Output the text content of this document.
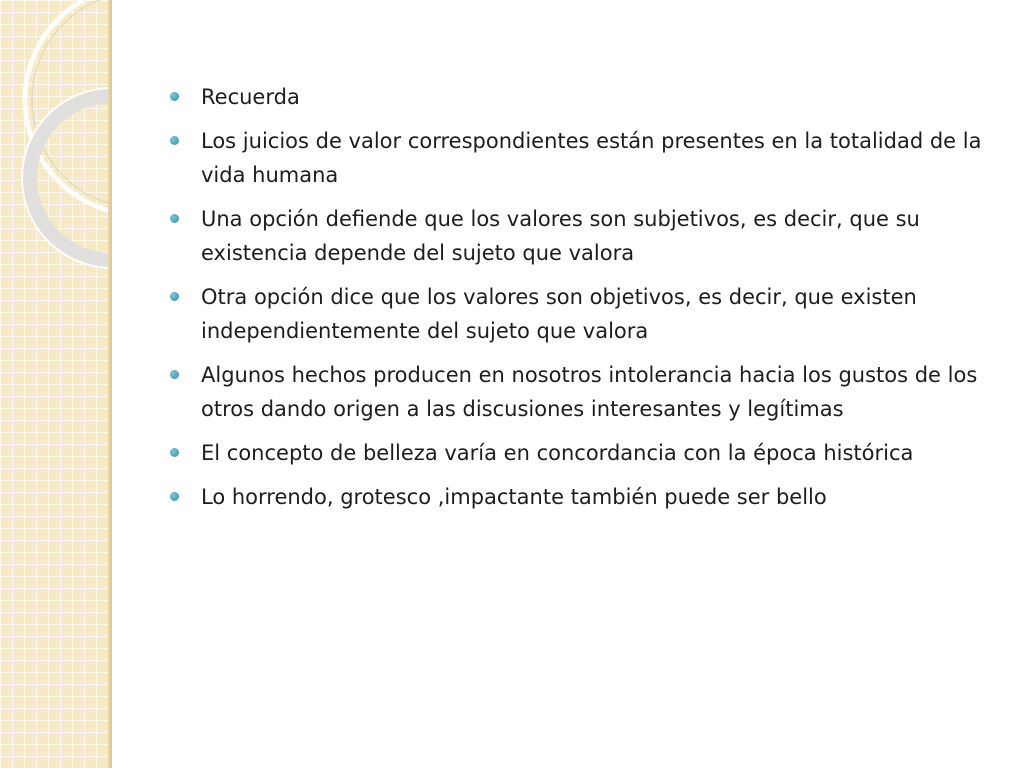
Recuerda
Los juicios de valor correspondientes están presentes en la totalidad de la vida humana
Una opción defiende que los valores son subjetivos, es decir, que su existencia depende del sujeto que valora
Otra opción dice que los valores son objetivos, es decir, que existen independientemente del sujeto que valora
Algunos hechos producen en nosotros intolerancia hacia los gustos de los otros dando origen a las discusiones interesantes y legítimas
El concepto de belleza varía en concordancia con la época histórica
Lo horrendo, grotesco ,impactante también puede ser bello
